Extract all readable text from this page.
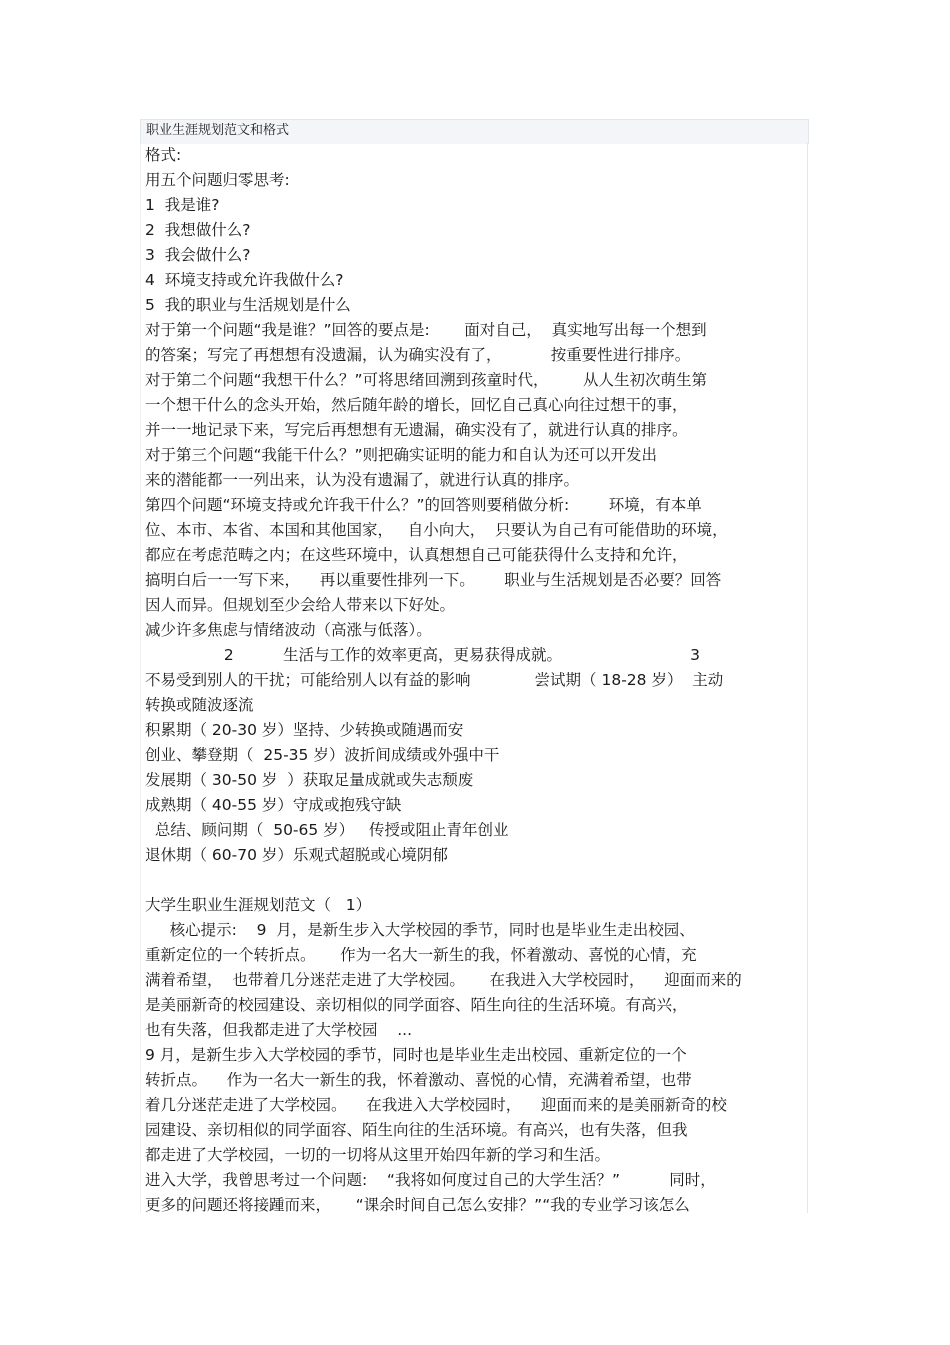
职业生涯规划范文和格式
格式:
用五个问题归零思考:
1  我是谁?
2  我想做什么?
3  我会做什么?
4  环境支持或允许我做什么?
5  我的职业与生活规划是什么
对于第一个问题“我是谁？”回答的要点是:       面对自己，  真实地写出每一个想到
的答案；写完了再想想有没遗漏，认为确实没有了，          按重要性进行排序。
对于第二个问题“我想干什么？”可将思绪回溯到孩童时代，       从人生初次萌生第
一个想干什么的念头开始，然后随年龄的增长，回忆自己真心向往过想干的事，
并一一地记录下来，写完后再想想有无遗漏，确实没有了，就进行认真的排序。
对于第三个问题“我能干什么？”则把确实证明的能力和自认为还可以开发出
来的潜能都一一列出来，认为没有遗漏了，就进行认真的排序。
第四个问题“环境支持或允许我干什么？”的回答则要稍做分析:        环境，有本单
位、本市、本省、本国和其他国家，   自小向大，  只要认为自己有可能借助的环境，
都应在考虑范畴之内；在这些环境中，认真想想自己可能获得什么支持和允许，
搞明白后一一写下来，    再以重要性排列一下。      职业与生活规划是否必要？回答
因人而异。但规划至少会给人带来以下好处。
减少许多焦虑与情绪波动（高涨与低落）。
2          生活与工作的效率更高，更易获得成就。                          3
不易受到别人的干扰；可能给别人以有益的影响             尝试期（ 18-28 岁）  主动
转换或随波逐流
积累期（ 20-30 岁）坚持、少转换或随遇而安
创业、攀登期（  25-35 岁）波折间成绩或外强中干
发展期（ 30-50 岁  ）获取足量成就或失志颓废
成熟期（ 40-55 岁）守成或抱残守缺
总结、顾问期（  50-65 岁）   传授或阻止青年创业
退休期（ 60-70 岁）乐观式超脱或心境阴郁
大学生职业生涯规划范文（   1）
核心提示:    9  月，是新生步入大学校园的季节，同时也是毕业生走出校园、
重新定位的一个转折点。     作为一名大一新生的我，怀着激动、喜悦的心情，充
满着希望，  也带着几分迷茫走进了大学校园。     在我进入大学校园时，    迎面而来的
是美丽新奇的校园建设、亲切相似的同学面容、陌生向往的生活环境。有高兴，
也有失落，但我都走进了大学校园    ...
9 月，是新生步入大学校园的季节，同时也是毕业生走出校园、重新定位的一个
转折点。    作为一名大一新生的我，怀着激动、喜悦的心情，充满着希望，也带
着几分迷茫走进了大学校园。    在我进入大学校园时，    迎面而来的是美丽新奇的校
园建设、亲切相似的同学面容、陌生向往的生活环境。有高兴，也有失落，但我
都走进了大学校园，一切的一切将从这里开始四年新的学习和生活。
进入大学，我曾思考过一个问题:    “我将如何度过自己的大学生活？”          同时，
更多的问题还将接踵而来，     “课余时间自己怎么安排？”“我的专业学习该怎么
